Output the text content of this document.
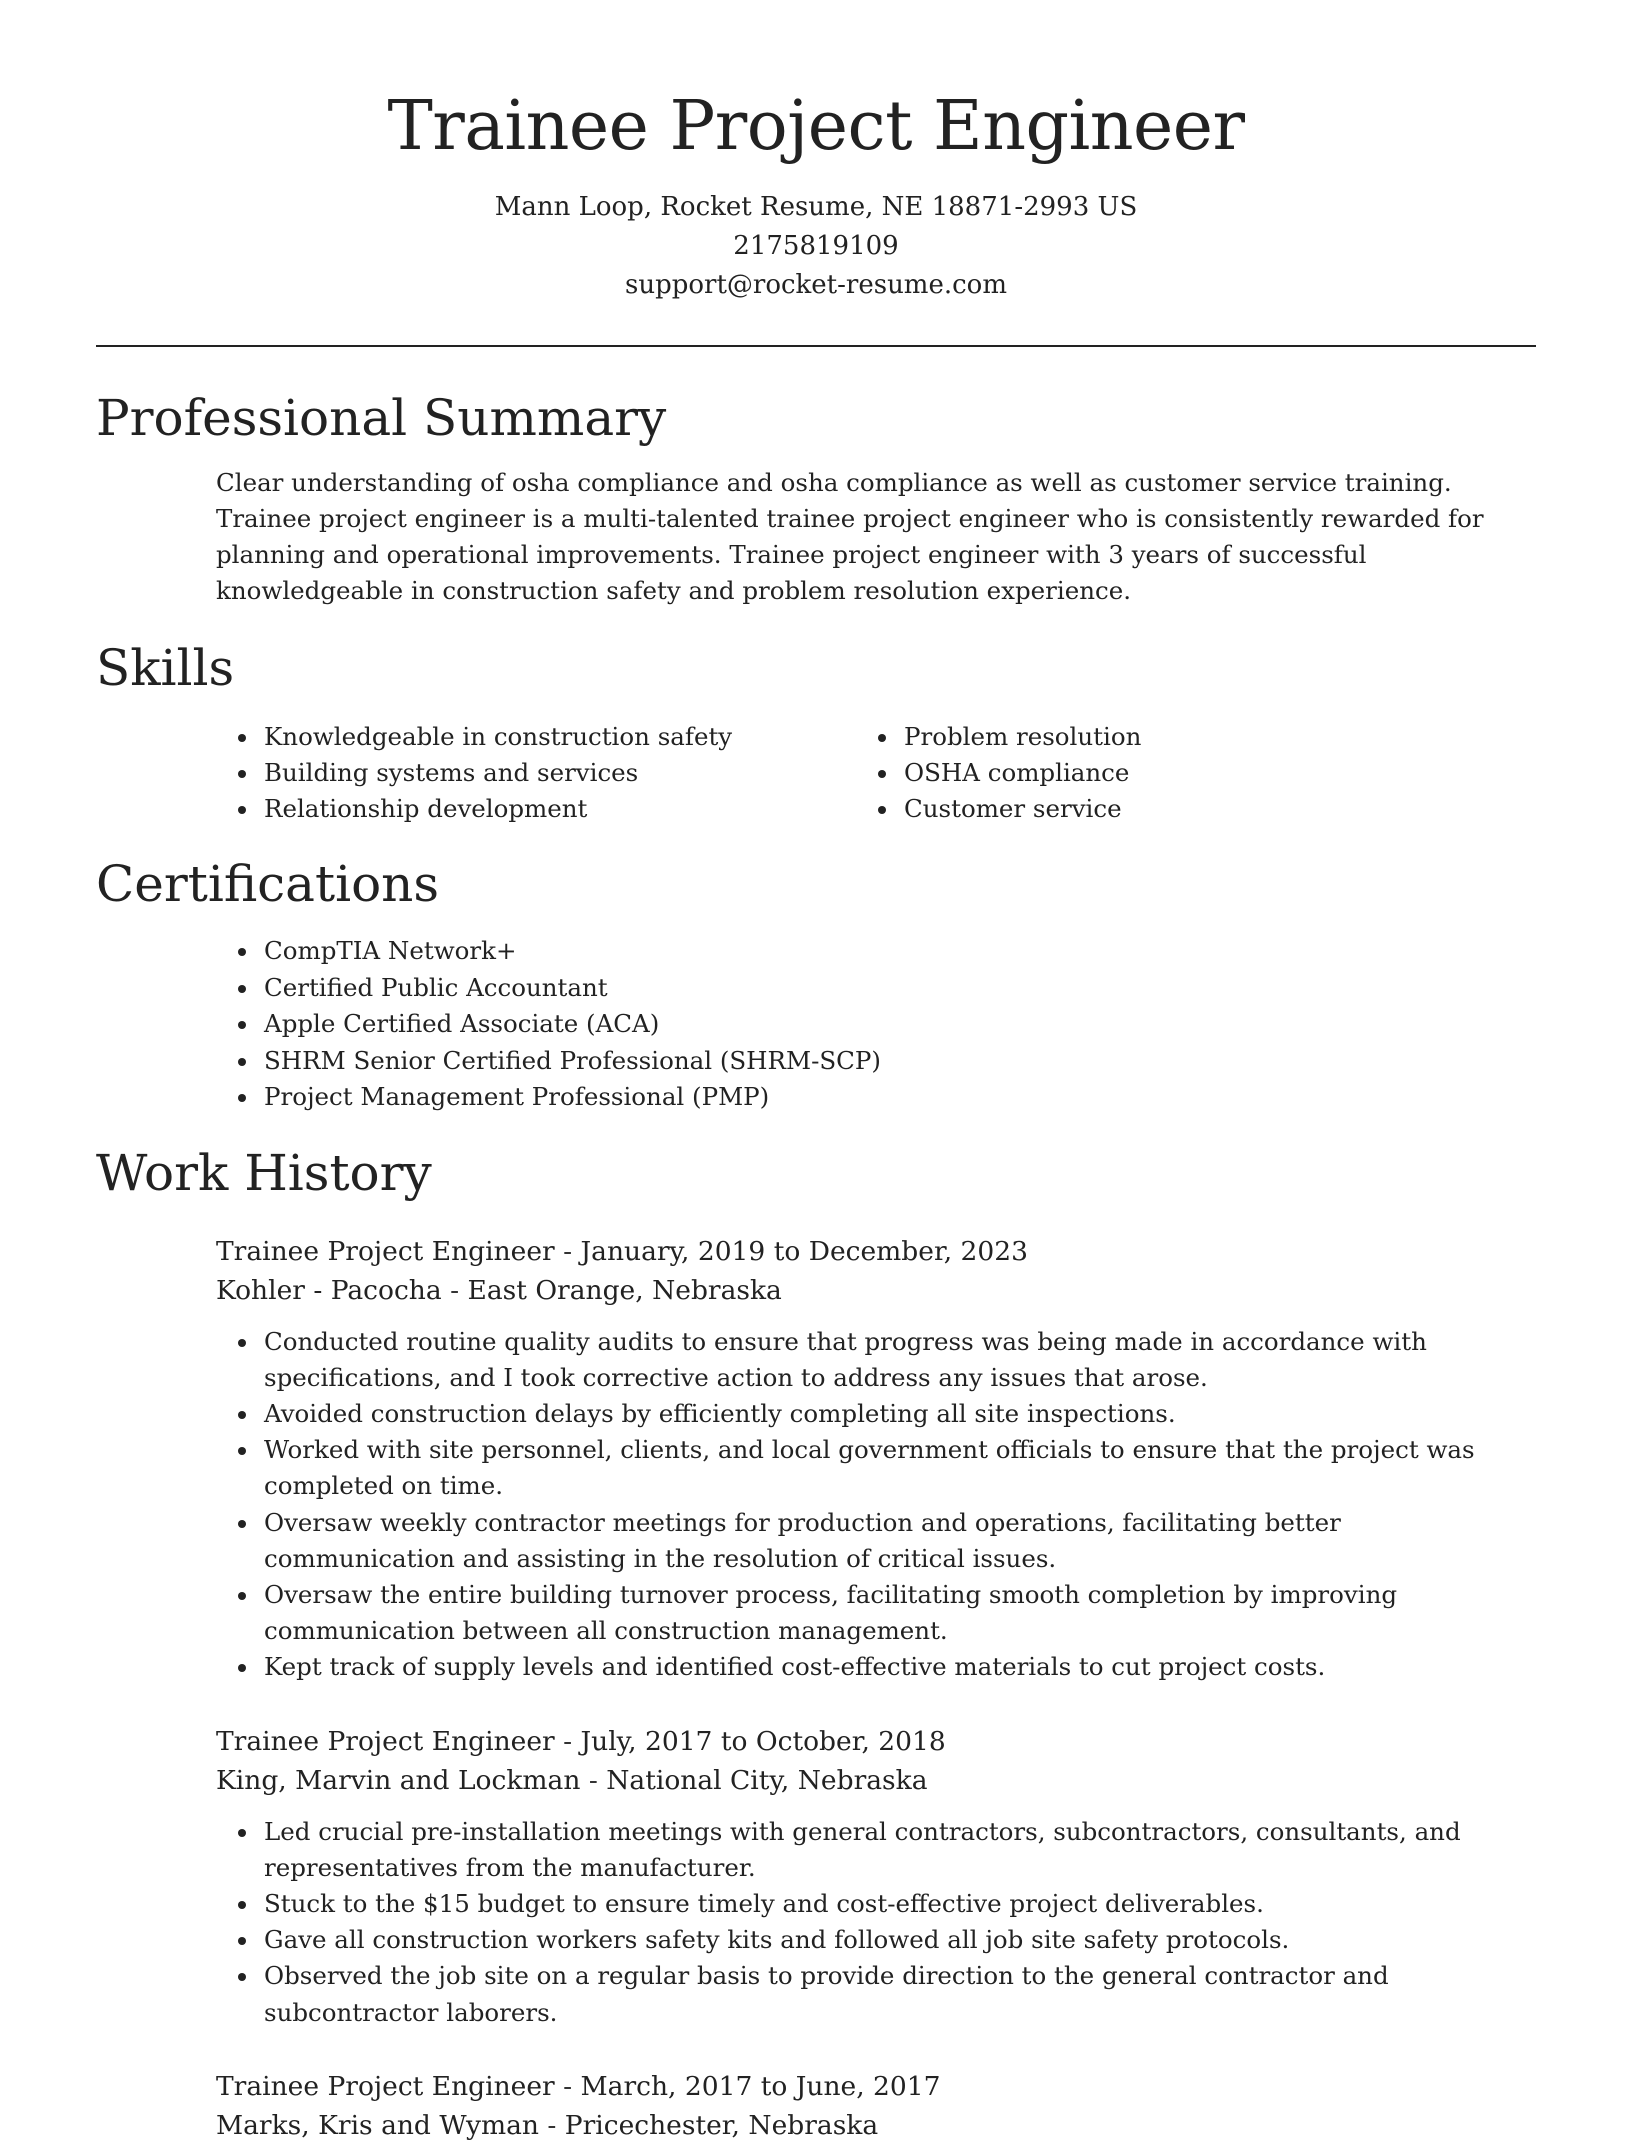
Trainee Project Engineer
Mann Loop, Rocket Resume, NE 18871-2993 US
2175819109
support@rocket-resume.com
Professional Summary

Clear understanding of osha compliance and osha compliance as well as customer service training. Trainee project engineer is a multi-talented trainee project engineer who is consistently rewarded for planning and operational improvements. Trainee project engineer with 3 years of successful knowledgeable in construction safety and problem resolution experience.

Skills
• Knowledgeable in construction safety
• Building systems and services
• Relationship development
• Problem resolution
• OSHA compliance
• Customer service
Certifications
• CompTIA Network+
• Certified Public Accountant
• Apple Certified Associate (ACA)
• SHRM Senior Certified Professional (SHRM-SCP)
• Project Management Professional (PMP)
Work History
Trainee Project Engineer - January, 2019 to December, 2023
Kohler - Pacocha - East Orange, Nebraska
• Conducted routine quality audits to ensure that progress was being made in accordance with specifications, and I took corrective action to address any issues that arose.
• Avoided construction delays by efficiently completing all site inspections.
• Worked with site personnel, clients, and local government officials to ensure that the project was completed on time.
• Oversaw weekly contractor meetings for production and operations, facilitating better communication and assisting in the resolution of critical issues.
• Oversaw the entire building turnover process, facilitating smooth completion by improving communication between all construction management.
• Kept track of supply levels and identified cost-effective materials to cut project costs.
Trainee Project Engineer - July, 2017 to October, 2018
King, Marvin and Lockman - National City, Nebraska
• Led crucial pre-installation meetings with general contractors, subcontractors, consultants, and representatives from the manufacturer.
• Stuck to the $15 budget to ensure timely and cost-effective project deliverables.
• Gave all construction workers safety kits and followed all job site safety protocols.
• Observed the job site on a regular basis to provide direction to the general contractor and subcontractor laborers.
Trainee Project Engineer - March, 2017 to June, 2017
Marks, Kris and Wyman - Pricechester, Nebraska
